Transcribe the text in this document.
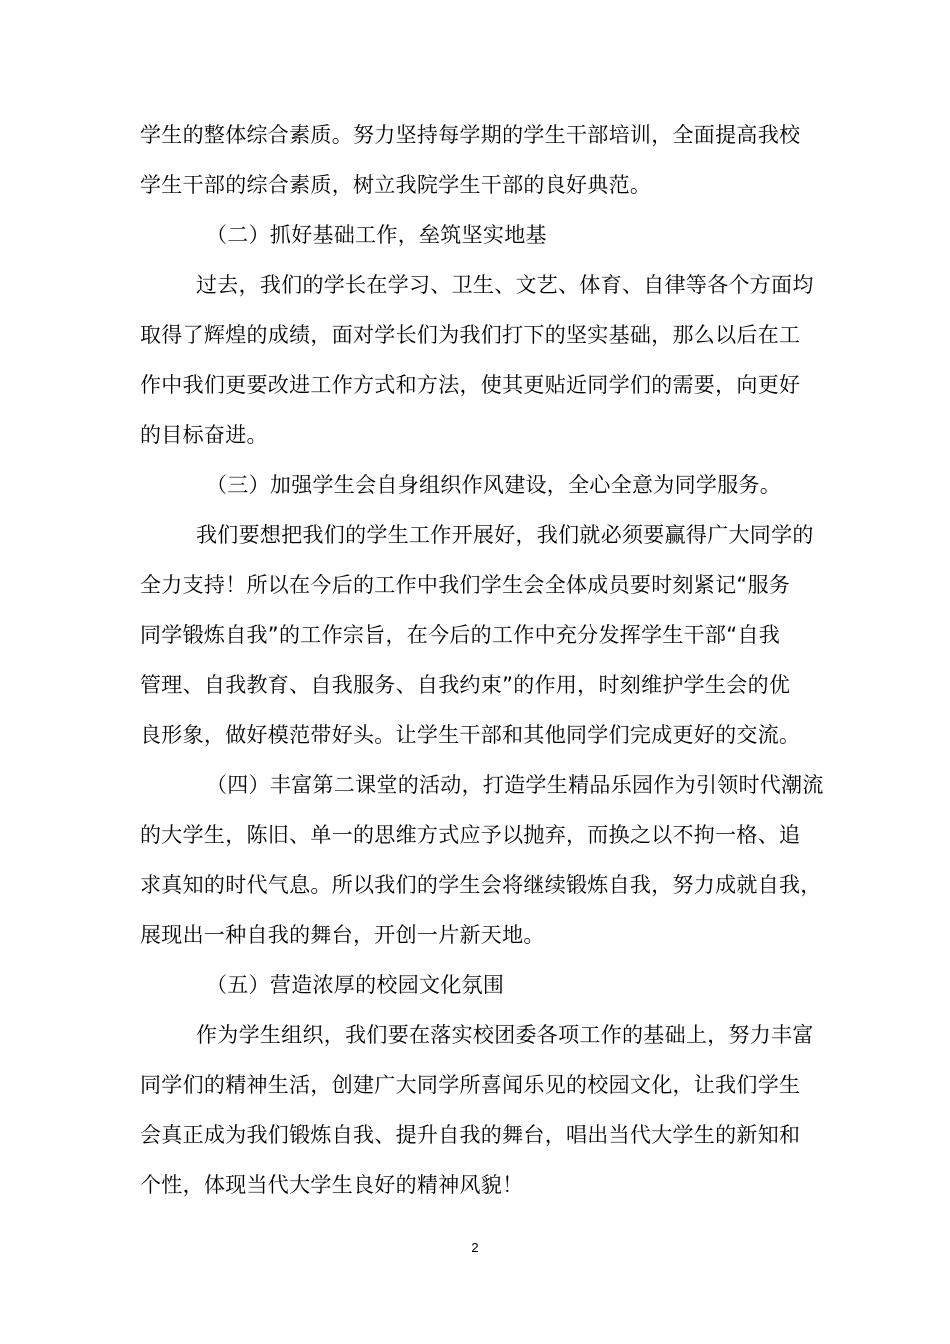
学生的整体综合素质。努力坚持每学期的学生干部培训，全面提高我校
学生干部的综合素质，树立我院学生干部的良好典范。
（二）抓好基础工作，垒筑坚实地基
过去，我们的学长在学习、卫生、文艺、体育、自律等各个方面均
取得了辉煌的成绩，面对学长们为我们打下的坚实基础，那么以后在工
作中我们更要改进工作方式和方法，使其更贴近同学们的需要，向更好
的目标奋进。
（三）加强学生会自身组织作风建设，全心全意为同学服务。
我们要想把我们的学生工作开展好，我们就必须要赢得广大同学的
全力支持！所以在今后的工作中我们学生会全体成员要时刻紧记“服务
同学锻炼自我”的工作宗旨，在今后的工作中充分发挥学生干部“自我
管理、自我教育、自我服务、自我约束”的作用，时刻维护学生会的优
良形象，做好模范带好头。让学生干部和其他同学们完成更好的交流。
（四）丰富第二课堂的活动，打造学生精品乐园作为引领时代潮流
的大学生，陈旧、单一的思维方式应予以抛弃，而换之以不拘一格、追
求真知的时代气息。所以我们的学生会将继续锻炼自我，努力成就自我，
展现出一种自我的舞台，开创一片新天地。
（五）营造浓厚的校园文化氛围
作为学生组织，我们要在落实校团委各项工作的基础上，努力丰富
同学们的精神生活，创建广大同学所喜闻乐见的校园文化，让我们学生
会真正成为我们锻炼自我、提升自我的舞台，唱出当代大学生的新知和
个性，体现当代大学生良好的精神风貌！
2
